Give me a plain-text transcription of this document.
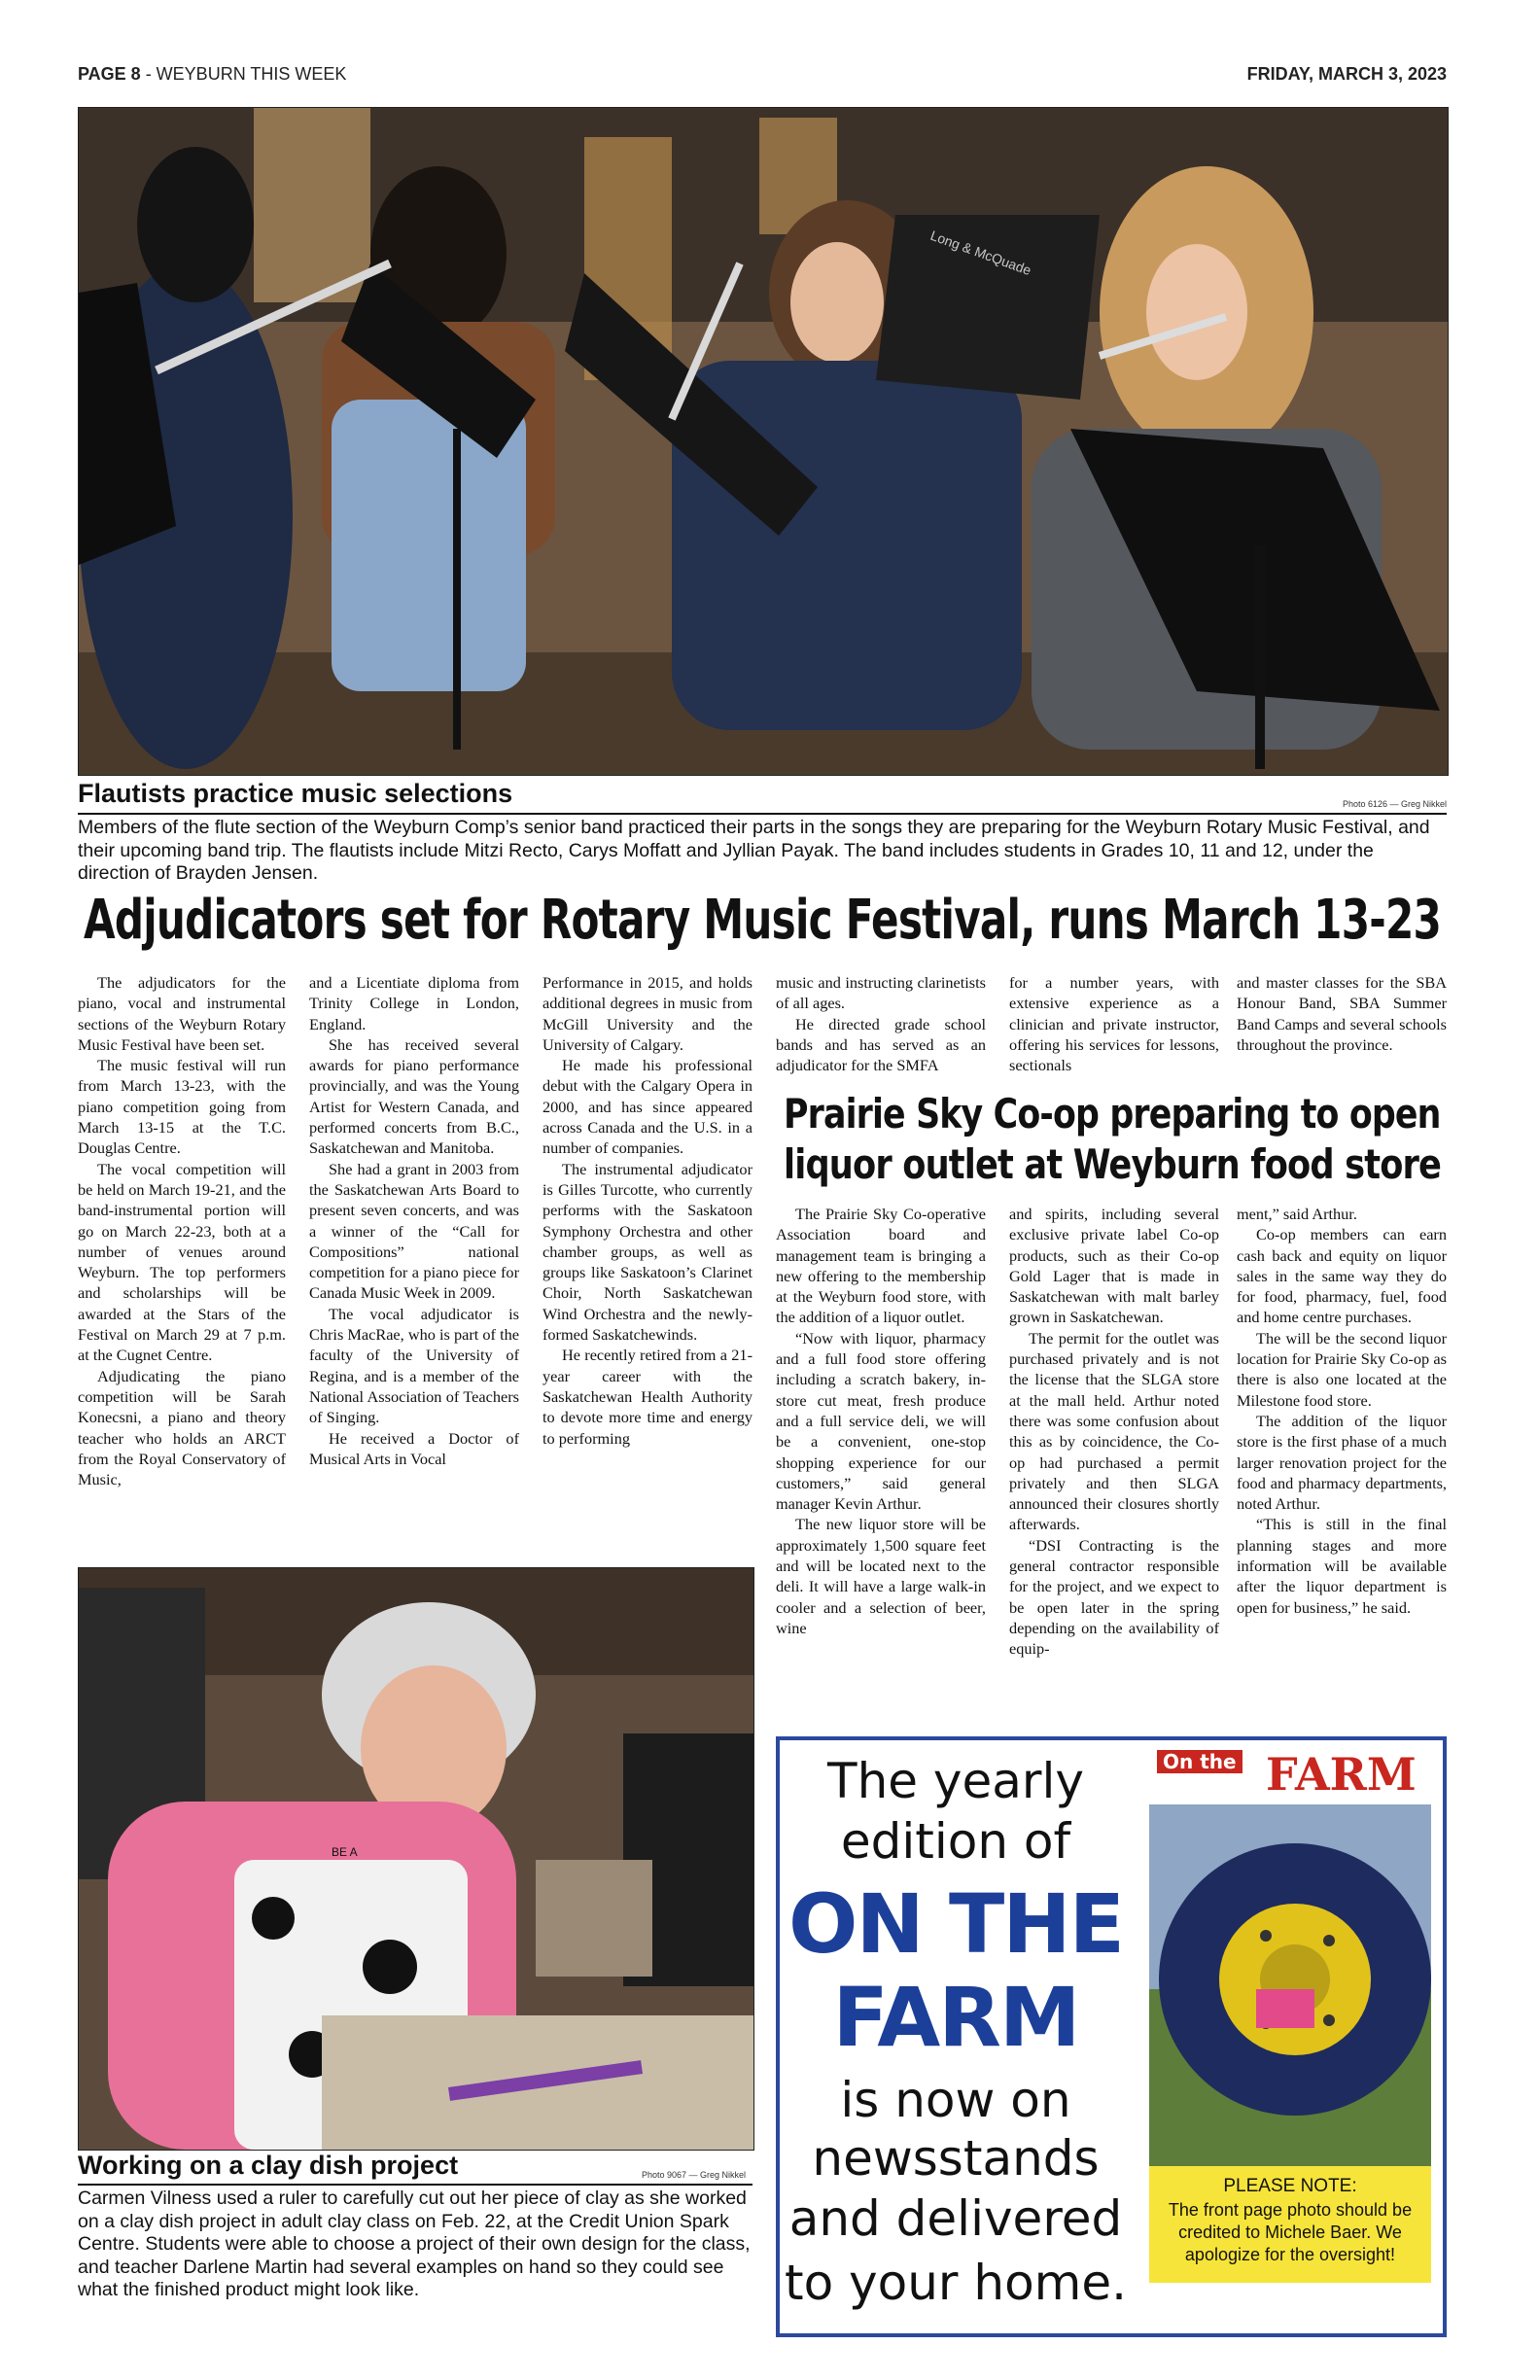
PAGE 8 - WEYBURN THIS WEEK	FRIDAY, MARCH 3, 2023
Long & McQuade
Flautists practice music selections	Photo 6126 — Greg Nikkel
Members of the flute section of the Weyburn Comp’s senior band practiced their parts in the songs they are preparing for the Weyburn Rotary Music Festival, and their upcoming band trip. The flautists include Mitzi Recto, Carys Moffatt and Jyllian Payak. The band includes students in Grades 10, 11 and 12, under the direction of Brayden Jensen.
Adjudicators set for Rotary Music Festival, runs March 13-23

The adjudicators for the piano, vocal and instrumental sections of the Weyburn Rotary Music Festival have been set.

The music festival will run from March 13-23, with the piano competition going from March 13-15 at the T.C. Douglas Centre.

The vocal competition will be held on March 19-21, and the band-instrumental portion will go on March 22-23, both at a number of venues around Weyburn. The top performers and scholarships will be awarded at the Stars of the Festival on March 29 at 7 p.m. at the Cugnet Centre.

Adjudicating the piano competition will be Sarah Konecsni, a piano and theory teacher who holds an ARCT from the Royal Conservatory of Music,

and a Licentiate diploma from Trinity College in London, England.

She has received several awards for piano performance provincially, and was the Young Artist for Western Canada, and performed concerts from B.C., Saskatchewan and Manitoba.

She had a grant in 2003 from the Saskatchewan Arts Board to present seven concerts, and was a winner of the “Call for Compositions” national competition for a piano piece for Canada Music Week in 2009.

The vocal adjudicator is Chris MacRae, who is part of the faculty of the University of Regina, and is a member of the National Association of Teachers of Singing.

He received a Doctor of Musical Arts in Vocal

Performance in 2015, and holds additional degrees in music from McGill University and the University of Calgary.

He made his professional debut with the Calgary Opera in 2000, and has since appeared across Canada and the U.S. in a number of companies.

The instrumental adjudicator is Gilles Turcotte, who currently performs with the Saskatoon Symphony Orchestra and other chamber groups, as well as groups like Saskatoon’s Clarinet Choir, North Saskatchewan Wind Orchestra and the newly-formed Saskatchewinds.

He recently retired from a 21-year career with the Saskatchewan Health Authority to devote more time and energy to performing

music and instructing clarinetists of all ages.

He directed grade school bands and has served as an adjudicator for the SMFA

for a number years, with extensive experience as a clinician and private instructor, offering his services for lessons, sectionals

and master classes for the SBA Honour Band, SBA Summer Band Camps and several schools throughout the province.

Prairie Sky Co-op preparing to open
liquor outlet at Weyburn food store

The Prairie Sky Co-operative Association board and management team is bringing a new offering to the membership at the Weyburn food store, with the addition of a liquor outlet.

“Now with liquor, pharmacy and a full food store offering including a scratch bakery, in-store cut meat, fresh produce and a full service deli, we will be a convenient, one-stop shopping experience for our customers,” said general manager Kevin Arthur.

The new liquor store will be approximately 1,500 square feet and will be located next to the deli. It will have a large walk-in cooler and a selection of beer, wine

and spirits, including several exclusive private label Co-op products, such as their Co-op Gold Lager that is made in Saskatchewan with malt barley grown in Saskatchewan.

The permit for the outlet was purchased privately and is not the license that the SLGA store at the mall held. Arthur noted there was some confusion about this as by coincidence, the Co-op had purchased a permit privately and then SLGA announced their closures shortly afterwards.

“DSI Contracting is the general contractor responsible for the project, and we expect to be open later in the spring depending on the availability of equip-

ment,” said Arthur.

Co-op members can earn cash back and equity on liquor sales in the same way they do for food, pharmacy, fuel, food and home centre purchases.

The will be the second liquor location for Prairie Sky Co-op as there is also one located at the Milestone food store.

The addition of the liquor store is the first phase of a much larger renovation project for the food and pharmacy departments, noted Arthur.

“This is still in the final planning stages and more information will be available after the liquor department is open for business,” he said.

BE A
Working on a clay dish project	Photo 9067 — Greg Nikkel
Carmen Vilness used a ruler to carefully cut out her piece of clay as she worked on a clay dish project in adult clay class on Feb. 22, at the Credit Union Spark Centre. Students were able to choose a project of their own design for the class, and teacher Darlene Martin had several examples on hand so they could see what the finished product might look like.
The yearly
edition of
ON THE
FARM
is now on
newsstands
and delivered
to your home.
On the FARM
PLEASE NOTE:
The front page photo should be credited to Michele Baer. We apologize for the oversight!
